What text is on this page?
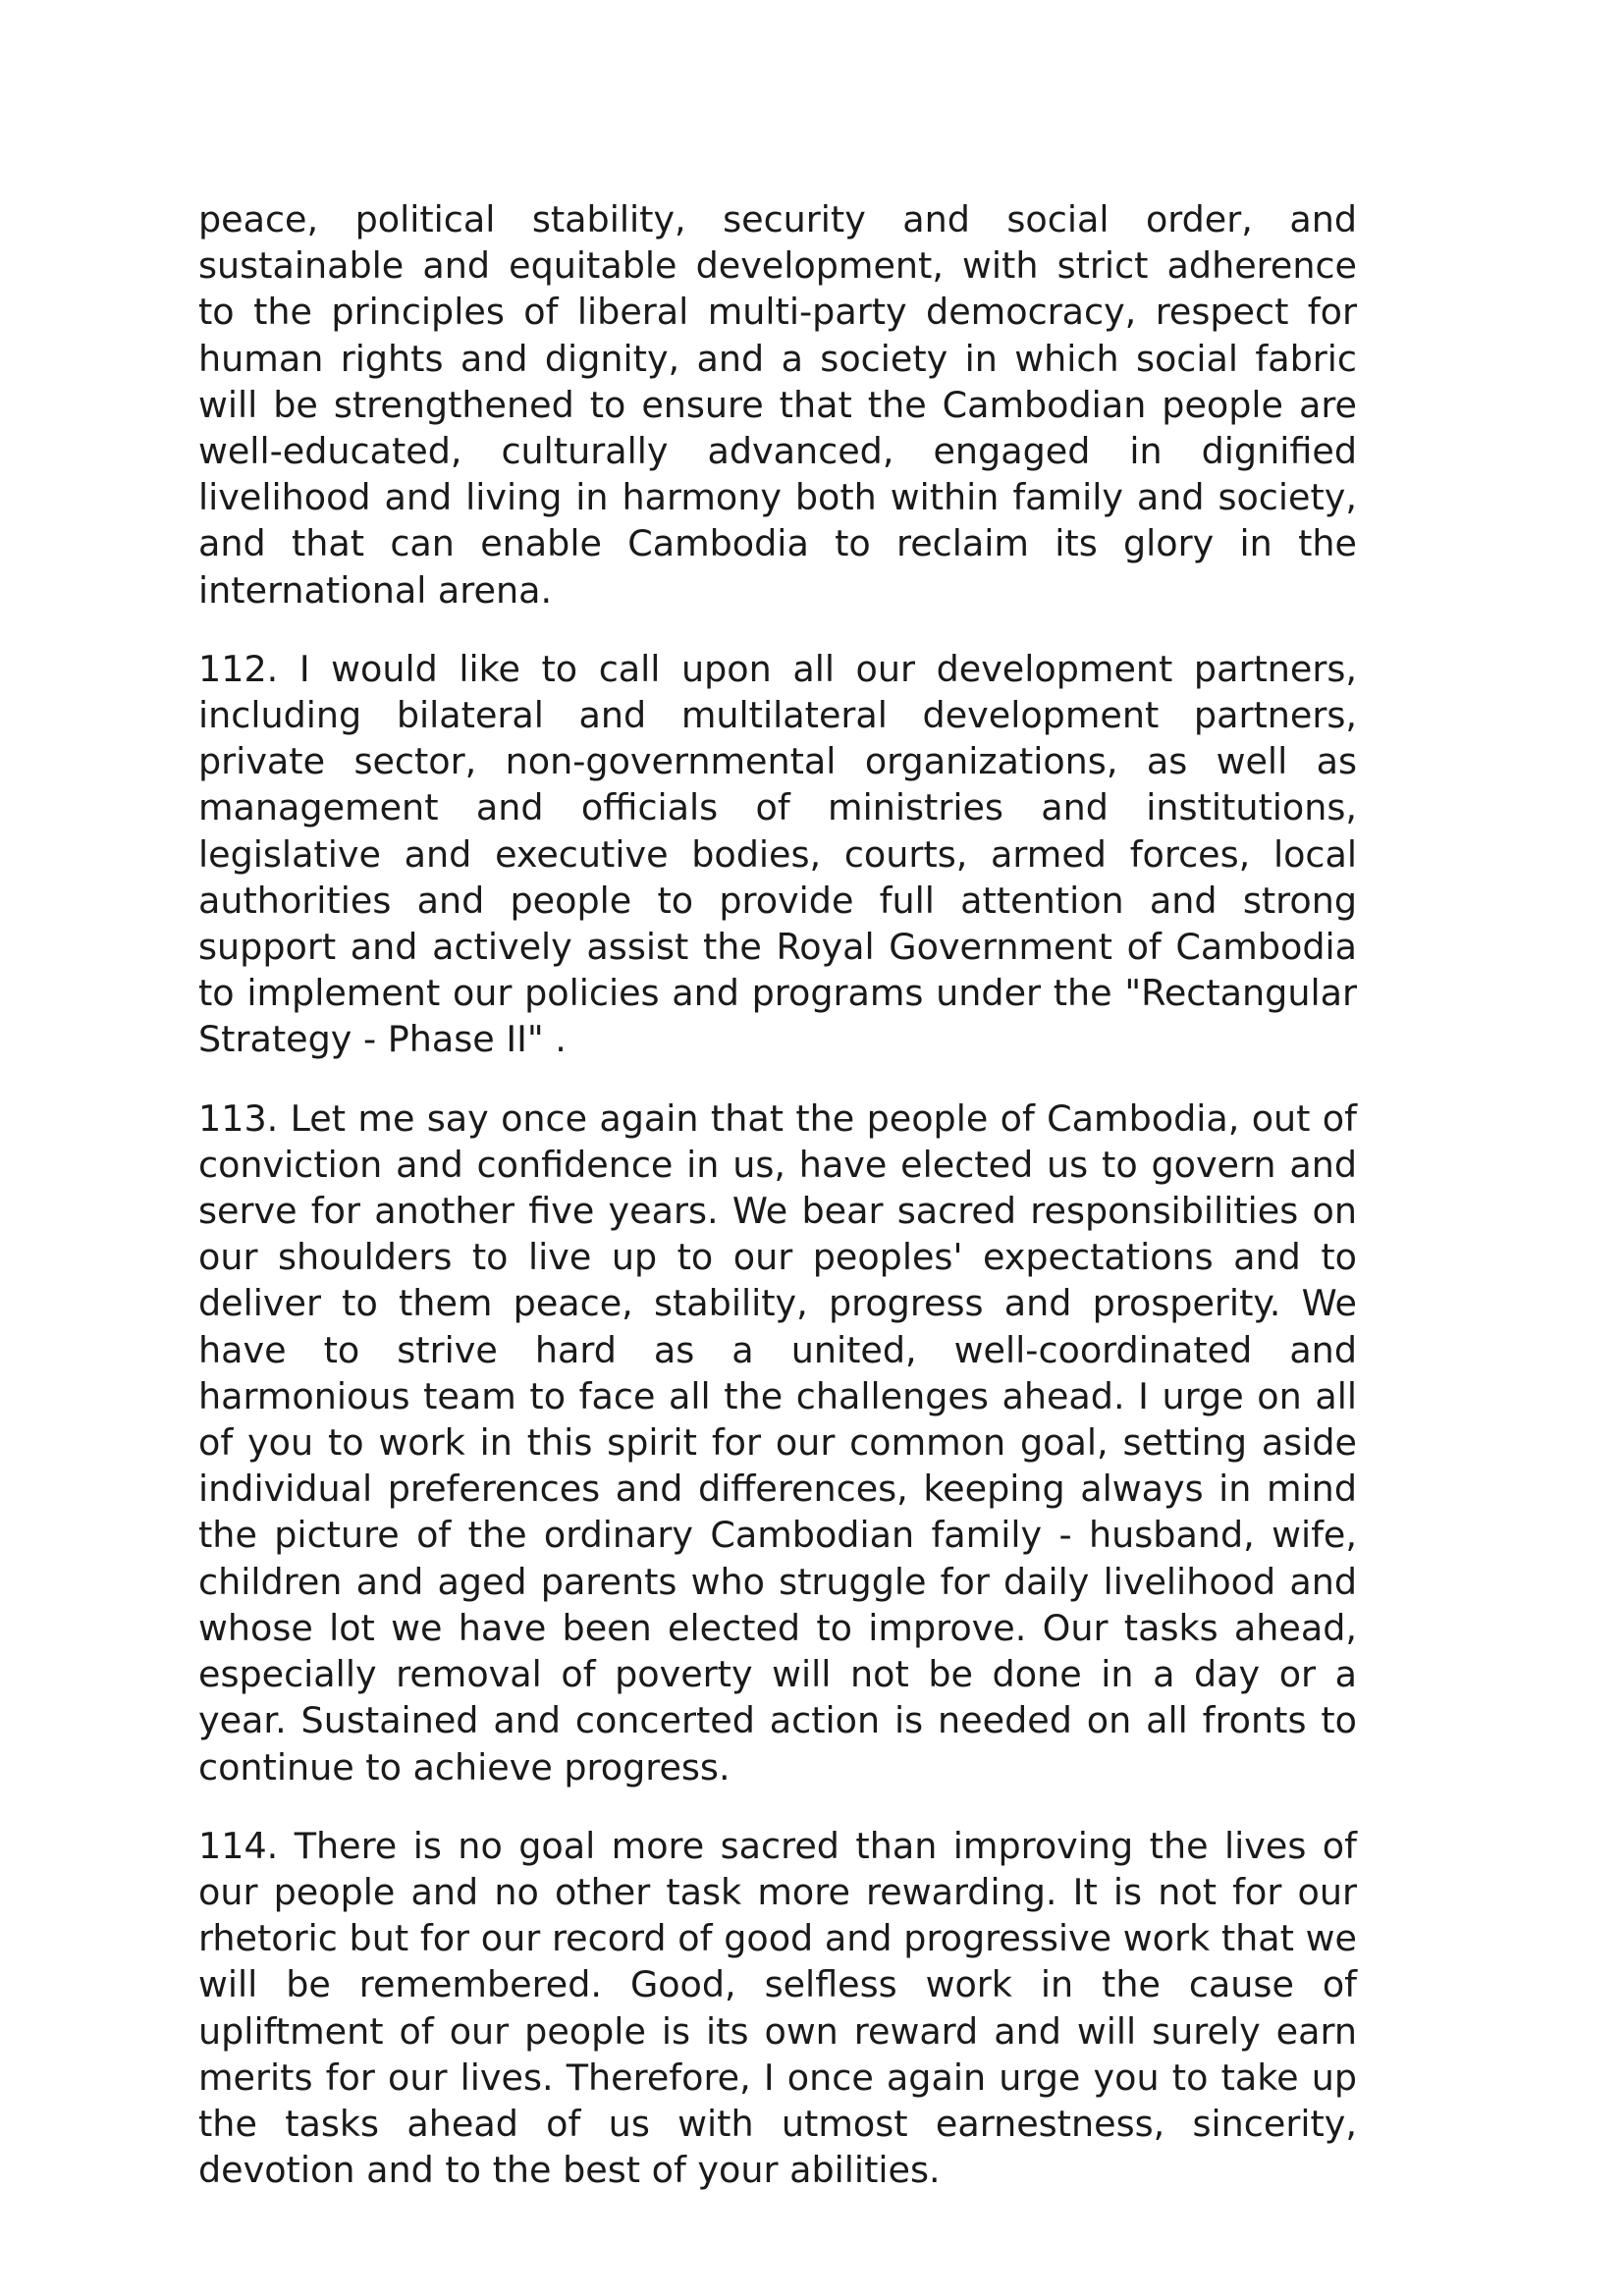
peace, political stability, security and social order, and sustainable and equitable development, with strict adherence to the principles of liberal multi-party democracy, respect for human rights and dignity, and a society in which social fabric will be strengthened to ensure that the Cambodian people are well-educated, culturally advanced, engaged in dignified livelihood and living in harmony both within family and society, and that can enable Cambodia to reclaim its glory in the international arena.

112. I would like to call upon all our development partners, including bilateral and multilateral development partners, private sector, non-governmental organizations, as well as management and officials of ministries and institutions, legislative and executive bodies, courts, armed forces, local authorities and people to provide full attention and strong support and actively assist the Royal Government of Cambodia to implement our policies and programs under the "Rectangular Strategy - Phase II" .

113. Let me say once again that the people of Cambodia, out of conviction and confidence in us, have elected us to govern and serve for another five years. We bear sacred responsibilities on our shoulders to live up to our peoples' expectations and to deliver to them peace, stability, progress and prosperity. We have to strive hard as a united, well-coordinated and harmonious team to face all the challenges ahead. I urge on all of you to work in this spirit for our common goal, setting aside individual preferences and differences, keeping always in mind the picture of the ordinary Cambodian family - husband, wife, children and aged parents who struggle for daily livelihood and whose lot we have been elected to improve. Our tasks ahead, especially removal of poverty will not be done in a day or a year. Sustained and concerted action is needed on all fronts to continue to achieve progress.

114. There is no goal more sacred than improving the lives of our people and no other task more rewarding. It is not for our rhetoric but for our record of good and progressive work that we will be remembered. Good, selfless work in the cause of upliftment of our people is its own reward and will surely earn merits for our lives. Therefore, I once again urge you to take up the tasks ahead of us with utmost earnestness, sincerity, devotion and to the best of your abilities.
